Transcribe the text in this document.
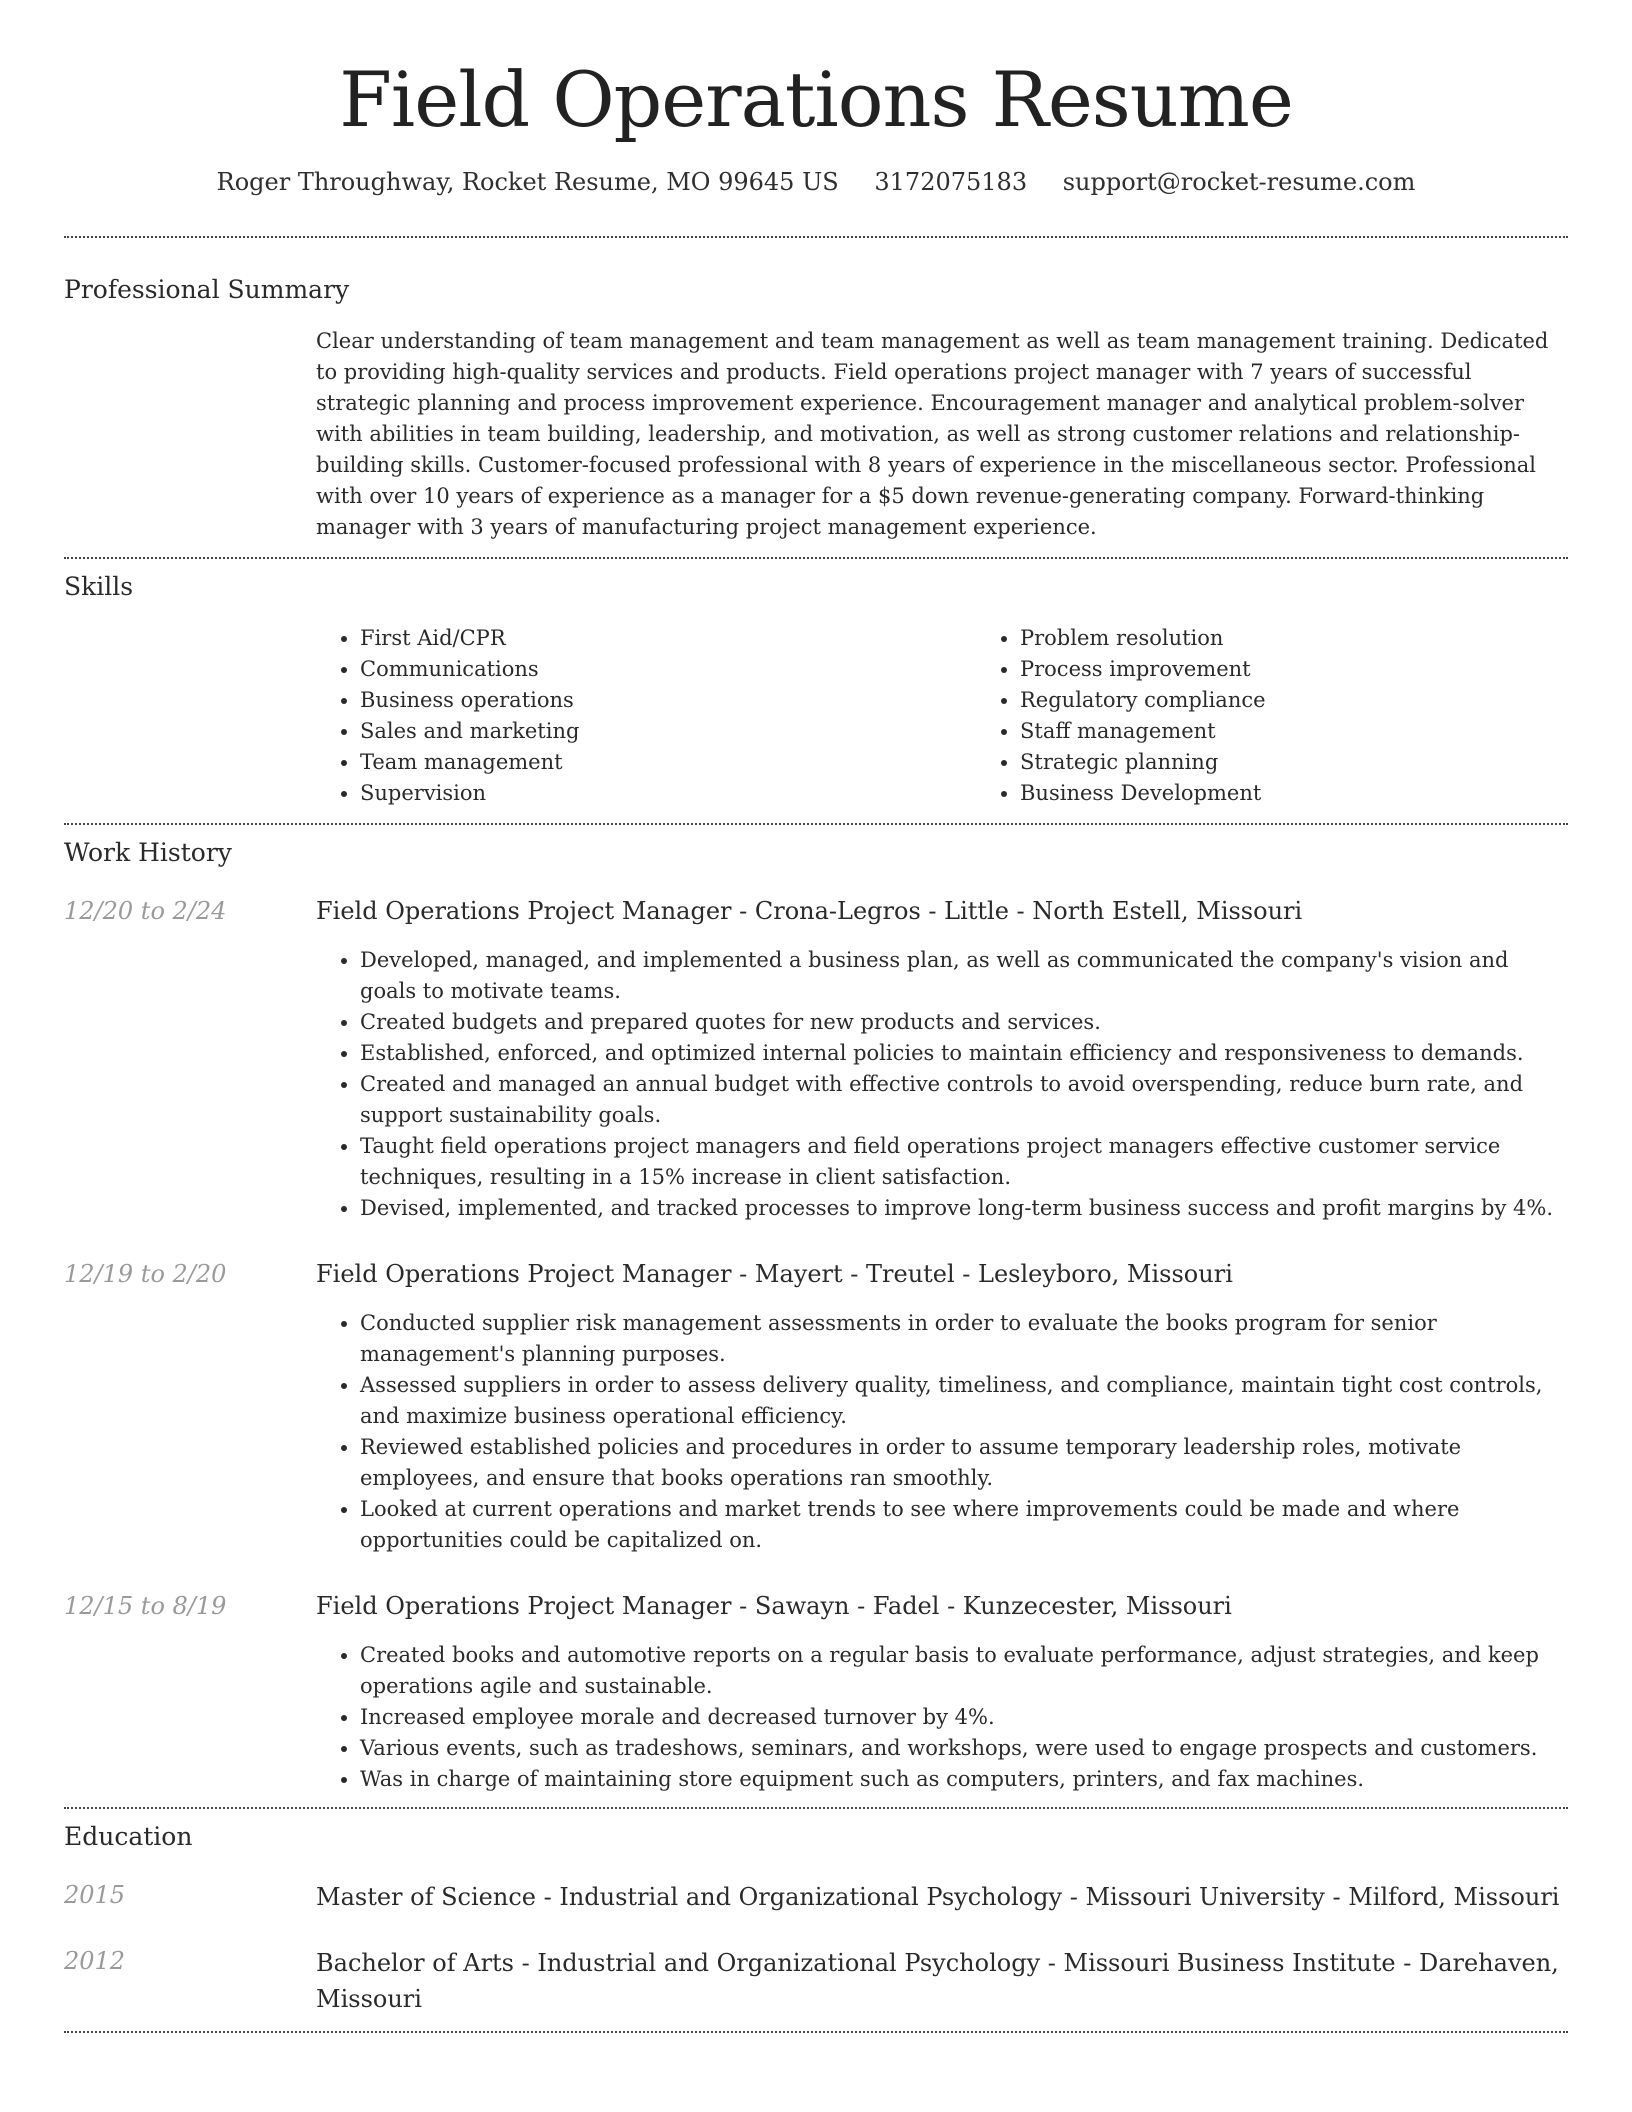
Field Operations Resume
Roger Throughway, Rocket Resume, MO 99645 US 3172075183 support@rocket-resume.com
Professional Summary
Clear understanding of team management and team management as well as team management training. Dedicated to providing high-quality services and products. Field operations project manager with 7 years of successful strategic planning and process improvement experience. Encouragement manager and analytical problem-solver with abilities in team building, leadership, and motivation, as well as strong customer relations and relationship-building skills. Customer-focused professional with 8 years of experience in the miscellaneous sector. Professional with over 10 years of experience as a manager for a $5 down revenue-generating company. Forward-thinking manager with 3 years of manufacturing project management experience.
Skills
• First Aid/CPR
• Communications
• Business operations
• Sales and marketing
• Team management
• Supervision
• Problem resolution
• Process improvement
• Regulatory compliance
• Staff management
• Strategic planning
• Business Development
Work History
12/20 to 2/24	Field Operations Project Manager - Crona-Legros - Little - North Estell, Missouri
• Developed, managed, and implemented a business plan, as well as communicated the company's vision and goals to motivate teams.
• Created budgets and prepared quotes for new products and services.
• Established, enforced, and optimized internal policies to maintain efficiency and responsiveness to demands.
• Created and managed an annual budget with effective controls to avoid overspending, reduce burn rate, and support sustainability goals.
• Taught field operations project managers and field operations project managers effective customer service techniques, resulting in a 15% increase in client satisfaction.
• Devised, implemented, and tracked processes to improve long-term business success and profit margins by 4%.
12/19 to 2/20	Field Operations Project Manager - Mayert - Treutel - Lesleyboro, Missouri
• Conducted supplier risk management assessments in order to evaluate the books program for senior management's planning purposes.
• Assessed suppliers in order to assess delivery quality, timeliness, and compliance, maintain tight cost controls, and maximize business operational efficiency.
• Reviewed established policies and procedures in order to assume temporary leadership roles, motivate employees, and ensure that books operations ran smoothly.
• Looked at current operations and market trends to see where improvements could be made and where opportunities could be capitalized on.
12/15 to 8/19	Field Operations Project Manager - Sawayn - Fadel - Kunzecester, Missouri
• Created books and automotive reports on a regular basis to evaluate performance, adjust strategies, and keep operations agile and sustainable.
• Increased employee morale and decreased turnover by 4%.
• Various events, such as tradeshows, seminars, and workshops, were used to engage prospects and customers.
• Was in charge of maintaining store equipment such as computers, printers, and fax machines.
Education
2015	Master of Science - Industrial and Organizational Psychology - Missouri University - Milford, Missouri
2012	Bachelor of Arts - Industrial and Organizational Psychology - Missouri Business Institute - Darehaven, Missouri
